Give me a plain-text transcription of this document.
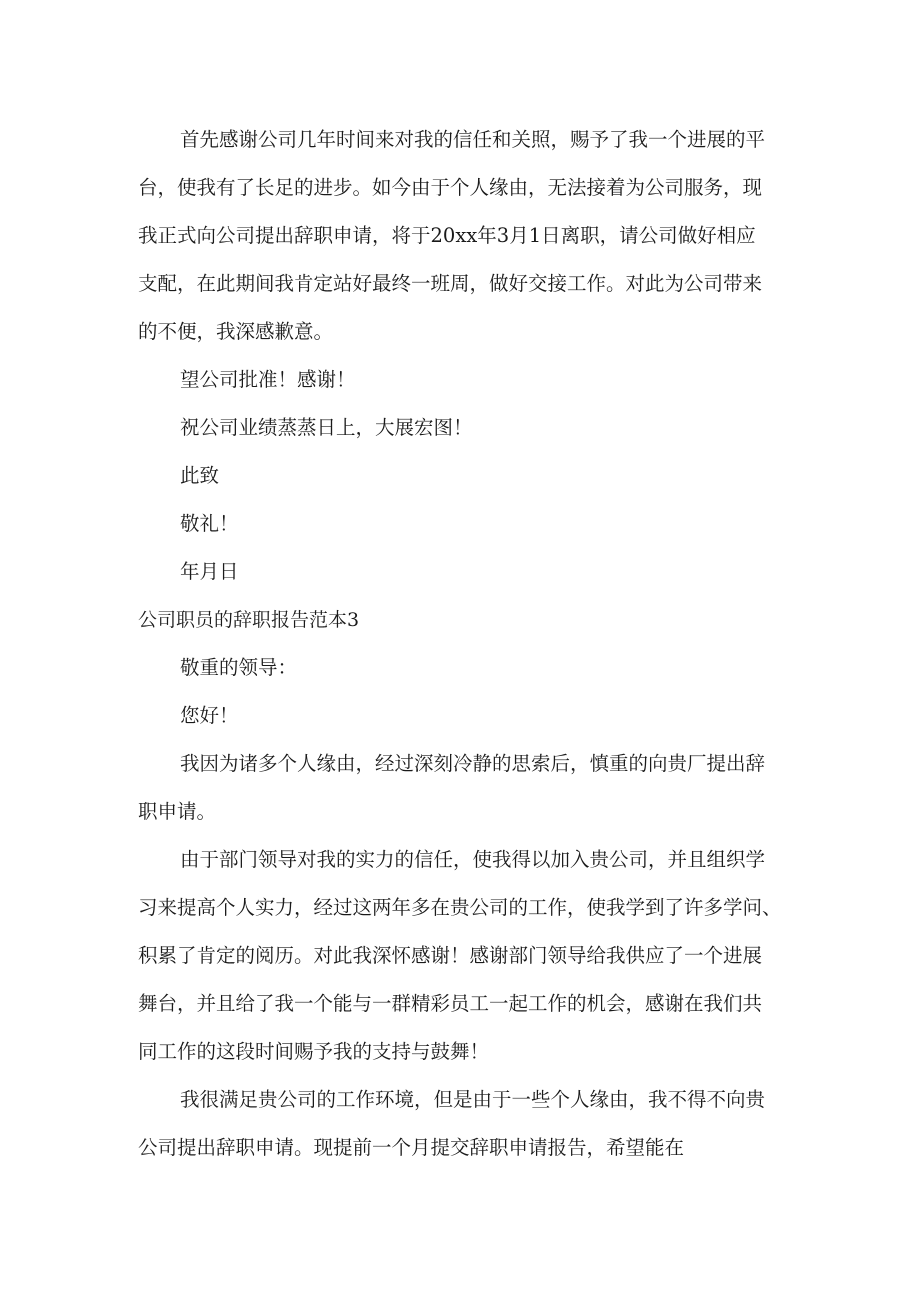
首先感谢公司几年时间来对我的信任和关照，赐予了我一个进展的平
台，使我有了长足的进步。如今由于个人缘由，无法接着为公司服务，现
我正式向公司提出辞职申请，将于20xx年3月1日离职，请公司做好相应
支配，在此期间我肯定站好最终一班周，做好交接工作。对此为公司带来
的不便，我深感歉意。
望公司批准！感谢！
祝公司业绩蒸蒸日上，大展宏图！
此致
敬礼！
年月日
公司职员的辞职报告范本3
敬重的领导：
您好！
我因为诸多个人缘由，经过深刻冷静的思索后，慎重的向贵厂提出辞
职申请。
由于部门领导对我的实力的信任，使我得以加入贵公司，并且组织学
习来提高个人实力，经过这两年多在贵公司的工作，使我学到了许多学问、
积累了肯定的阅历。对此我深怀感谢！感谢部门领导给我供应了一个进展
舞台，并且给了我一个能与一群精彩员工一起工作的机会，感谢在我们共
同工作的这段时间赐予我的支持与鼓舞！
我很满足贵公司的工作环境，但是由于一些个人缘由，我不得不向贵
公司提出辞职申请。现提前一个月提交辞职申请报告，希望能在
